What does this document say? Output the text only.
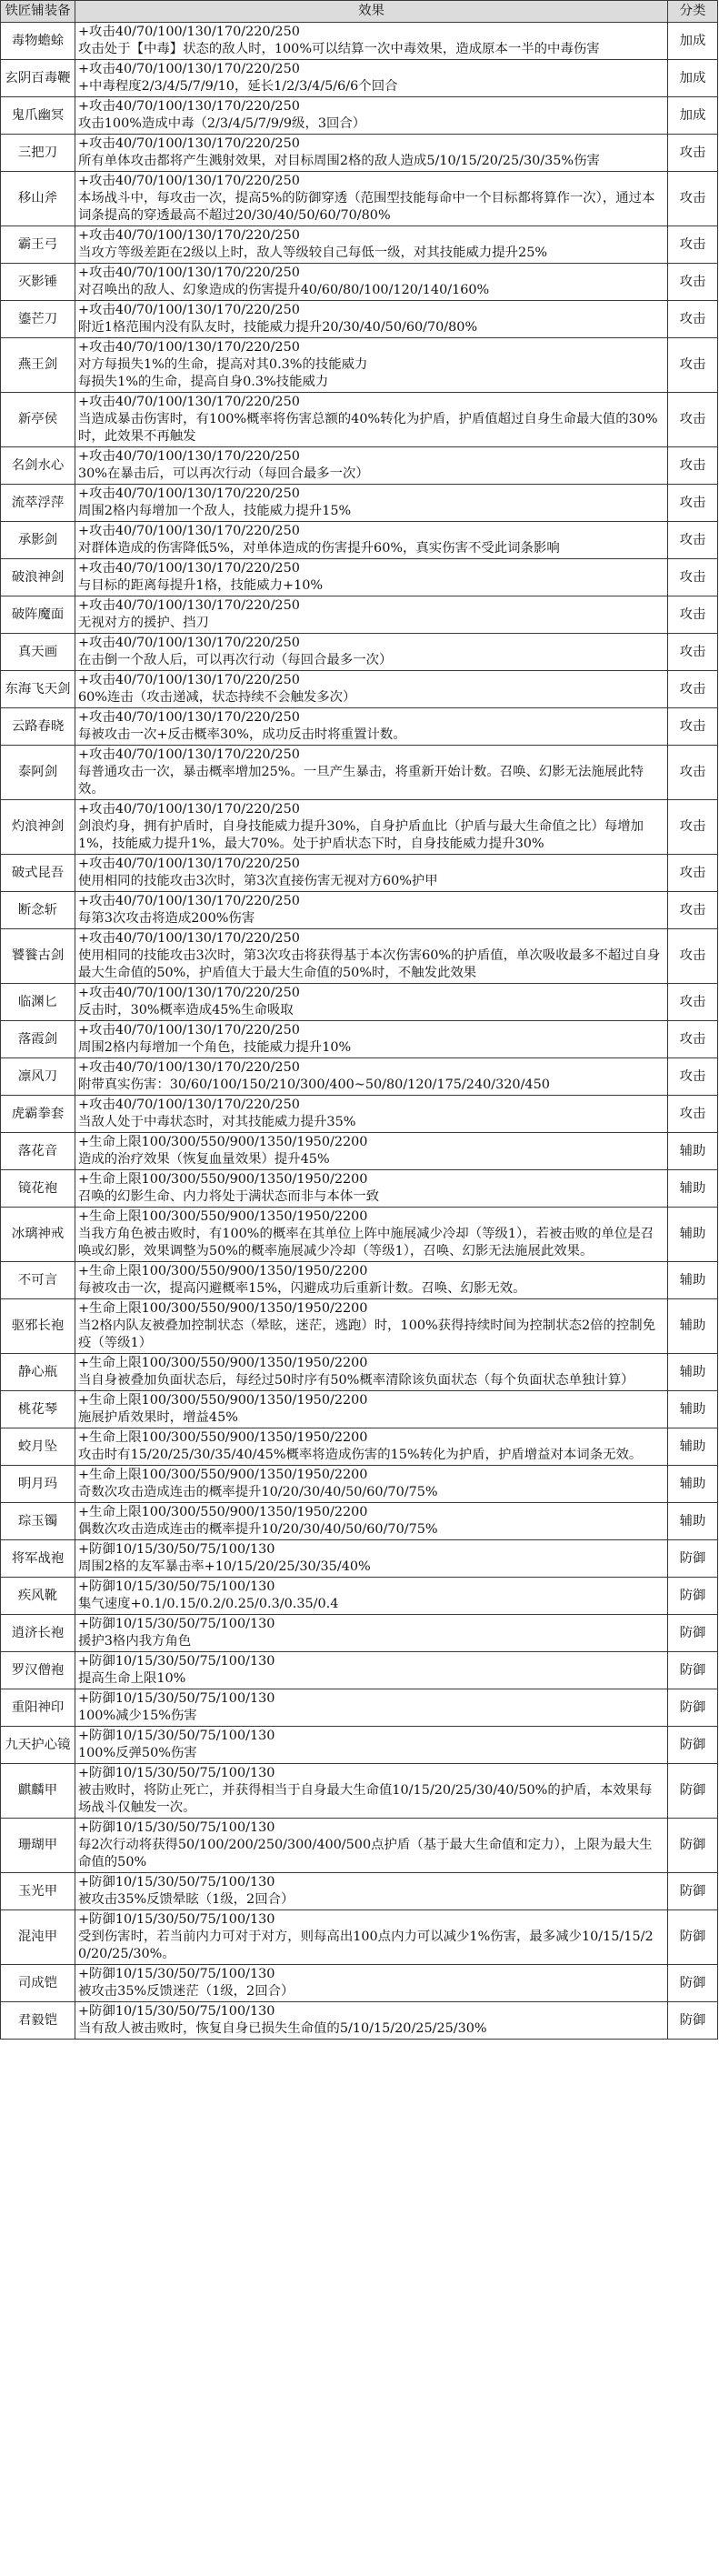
铁匠铺装备	效果	分类
毒物蟾蜍	+攻击40/70/100/130/170/220/250
攻击处于【中毒】状态的敌人时，100%可以结算一次中毒效果，造成原本一半的中毒伤害	加成
玄阴百毒鞭	+攻击40/70/100/130/170/220/250
+中毒程度2/3/4/5/7/9/10，延长1/2/3/4/5/6/6个回合	加成
鬼爪幽冥	+攻击40/70/100/130/170/220/250
攻击100%造成中毒（2/3/4/5/7/9/9级，3回合）	加成
三把刀	+攻击40/70/100/130/170/220/250
所有单体攻击都将产生溅射效果，对目标周围2格的敌人造成5/10/15/20/25/30/35%伤害	攻击
移山斧	+攻击40/70/100/130/170/220/250
本场战斗中，每攻击一次，提高5%的防御穿透（范围型技能每命中一个目标都将算作一次），通过本词条提高的穿透最高不超过20/30/40/50/60/70/80%	攻击
霸王弓	+攻击40/70/100/130/170/220/250
当攻方等级差距在2级以上时，敌人等级较自己每低一级，对其技能威力提升25%	攻击
灭影锤	+攻击40/70/100/130/170/220/250
对召唤出的敌人、幻象造成的伤害提升40/60/80/100/120/140/160%	攻击
鎏芒刀	+攻击40/70/100/130/170/220/250
附近1格范围内没有队友时，技能威力提升20/30/40/50/60/70/80%	攻击
燕王剑	+攻击40/70/100/130/170/220/250
对方每损失1%的生命，提高对其0.3%的技能威力
每损失1%的生命，提高自身0.3%技能威力	攻击
新亭侯	+攻击40/70/100/130/170/220/250
当造成暴击伤害时，有100%概率将伤害总额的40%转化为护盾，护盾值超过自身生命最大值的30%时，此效果不再触发	攻击
名剑水心	+攻击40/70/100/130/170/220/250
30%在暴击后，可以再次行动（每回合最多一次）	攻击
流萃浮萍	+攻击40/70/100/130/170/220/250
周围2格内每增加一个敌人，技能威力提升15%	攻击
承影剑	+攻击40/70/100/130/170/220/250
对群体造成的伤害降低5%，对单体造成的伤害提升60%，真实伤害不受此词条影响	攻击
破浪神剑	+攻击40/70/100/130/170/220/250
与目标的距离每提升1格，技能威力+10%	攻击
破阵魔面	+攻击40/70/100/130/170/220/250
无视对方的援护、挡刀	攻击
真天画	+攻击40/70/100/130/170/220/250
在击倒一个敌人后，可以再次行动（每回合最多一次）	攻击
东海飞天剑	+攻击40/70/100/130/170/220/250
60%连击（攻击递减，状态持续不会触发多次）	攻击
云路春晓	+攻击40/70/100/130/170/220/250
每被攻击一次+反击概率30%，成功反击时将重置计数。	攻击
泰阿剑	+攻击40/70/100/130/170/220/250
每普通攻击一次，暴击概率增加25%。一旦产生暴击，将重新开始计数。召唤、幻影无法施展此特效。	攻击
灼浪神剑	+攻击40/70/100/130/170/220/250
剑浪灼身，拥有护盾时，自身技能威力提升30%，自身护盾血比（护盾与最大生命值之比）每增加1%，技能威力提升1%，最大70%。处于护盾状态下时，自身技能威力提升30%	攻击
破式昆吾	+攻击40/70/100/130/170/220/250
使用相同的技能攻击3次时，第3次直接伤害无视对方60%护甲	攻击
断念斩	+攻击40/70/100/130/170/220/250
每第3次攻击将造成200%伤害	攻击
饕餮古剑	+攻击40/70/100/130/170/220/250
使用相同的技能攻击3次时，第3次攻击将获得基于本次伤害60%的护盾值，单次吸收最多不超过自身最大生命值的50%，护盾值大于最大生命值的50%时，不触发此效果	攻击
临渊匕	+攻击40/70/100/130/170/220/250
反击时，30%概率造成45%生命吸取	攻击
落霞剑	+攻击40/70/100/130/170/220/250
周围2格内每增加一个角色，技能威力提升10%	攻击
凛风刀	+攻击40/70/100/130/170/220/250
附带真实伤害：30/60/100/150/210/300/400~50/80/120/175/240/320/450	攻击
虎霸拳套	+攻击40/70/100/130/170/220/250
当敌人处于中毒状态时，对其技能威力提升35%	攻击
落花音	+生命上限100/300/550/900/1350/1950/2200
造成的治疗效果（恢复血量效果）提升45%	辅助
镜花袍	+生命上限100/300/550/900/1350/1950/2200
召唤的幻影生命、内力将处于满状态而非与本体一致	辅助
冰璃神戒	+生命上限100/300/550/900/1350/1950/2200
当我方角色被击败时，有100%的概率在其单位上阵中施展减少冷却（等级1），若被击败的单位是召唤或幻影，效果调整为50%的概率施展减少冷却（等级1），召唤、幻影无法施展此效果。	辅助
不可言	+生命上限100/300/550/900/1350/1950/2200
每被攻击一次，提高闪避概率15%，闪避成功后重新计数。召唤、幻影无效。	辅助
驱邪长袍	+生命上限100/300/550/900/1350/1950/2200
当2格内队友被叠加控制状态（晕眩，迷茫，逃跑）时，100%获得持续时间为控制状态2倍的控制免疫（等级1）	辅助
静心瓶	+生命上限100/300/550/900/1350/1950/2200
当自身被叠加负面状态后，每经过50时序有50%概率清除该负面状态（每个负面状态单独计算）	辅助
桃花琴	+生命上限100/300/550/900/1350/1950/2200
施展护盾效果时，增益45%	辅助
蛟月坠	+生命上限100/300/550/900/1350/1950/2200
攻击时有15/20/25/30/35/40/45%概率将造成伤害的15%转化为护盾，护盾增益对本词条无效。	辅助
明月玛	+生命上限100/300/550/900/1350/1950/2200
奇数次攻击造成连击的概率提升10/20/30/40/50/60/70/75%	辅助
琮玉镯	+生命上限100/300/550/900/1350/1950/2200
偶数次攻击造成连击的概率提升10/20/30/40/50/60/70/75%	辅助
将军战袍	+防御10/15/30/50/75/100/130
周围2格的友军暴击率+10/15/20/25/30/35/40%	防御
疾风靴	+防御10/15/30/50/75/100/130
集气速度+0.1/0.15/0.2/0.25/0.3/0.35/0.4	防御
逍济长袍	+防御10/15/30/50/75/100/130
援护3格内我方角色	防御
罗汉僧袍	+防御10/15/30/50/75/100/130
提高生命上限10%	防御
重阳神印	+防御10/15/30/50/75/100/130
100%减少15%伤害	防御
九天护心镜	+防御10/15/30/50/75/100/130
100%反弹50%伤害	防御
麒麟甲	+防御10/15/30/50/75/100/130
被击败时，将防止死亡，并获得相当于自身最大生命值10/15/20/25/30/40/50%的护盾，本效果每场战斗仅触发一次。	防御
珊瑚甲	+防御10/15/30/50/75/100/130
每2次行动将获得50/100/200/250/300/400/500点护盾（基于最大生命值和定力），上限为最大生命值的50%	防御
玉光甲	+防御10/15/30/50/75/100/130
被攻击35%反馈晕眩（1级，2回合）	防御
混沌甲	+防御10/15/30/50/75/100/130
受到伤害时，若当前内力可对于对方，则每高出100点内力可以减少1%伤害，最多减少10/15/15/20/20/25/30%。	防御
司成铠	+防御10/15/30/50/75/100/130
被攻击35%反馈迷茫（1级，2回合）	防御
君毅铠	+防御10/15/30/50/75/100/130
当有敌人被击败时，恢复自身已损失生命值的5/10/15/20/25/25/30%	防御
